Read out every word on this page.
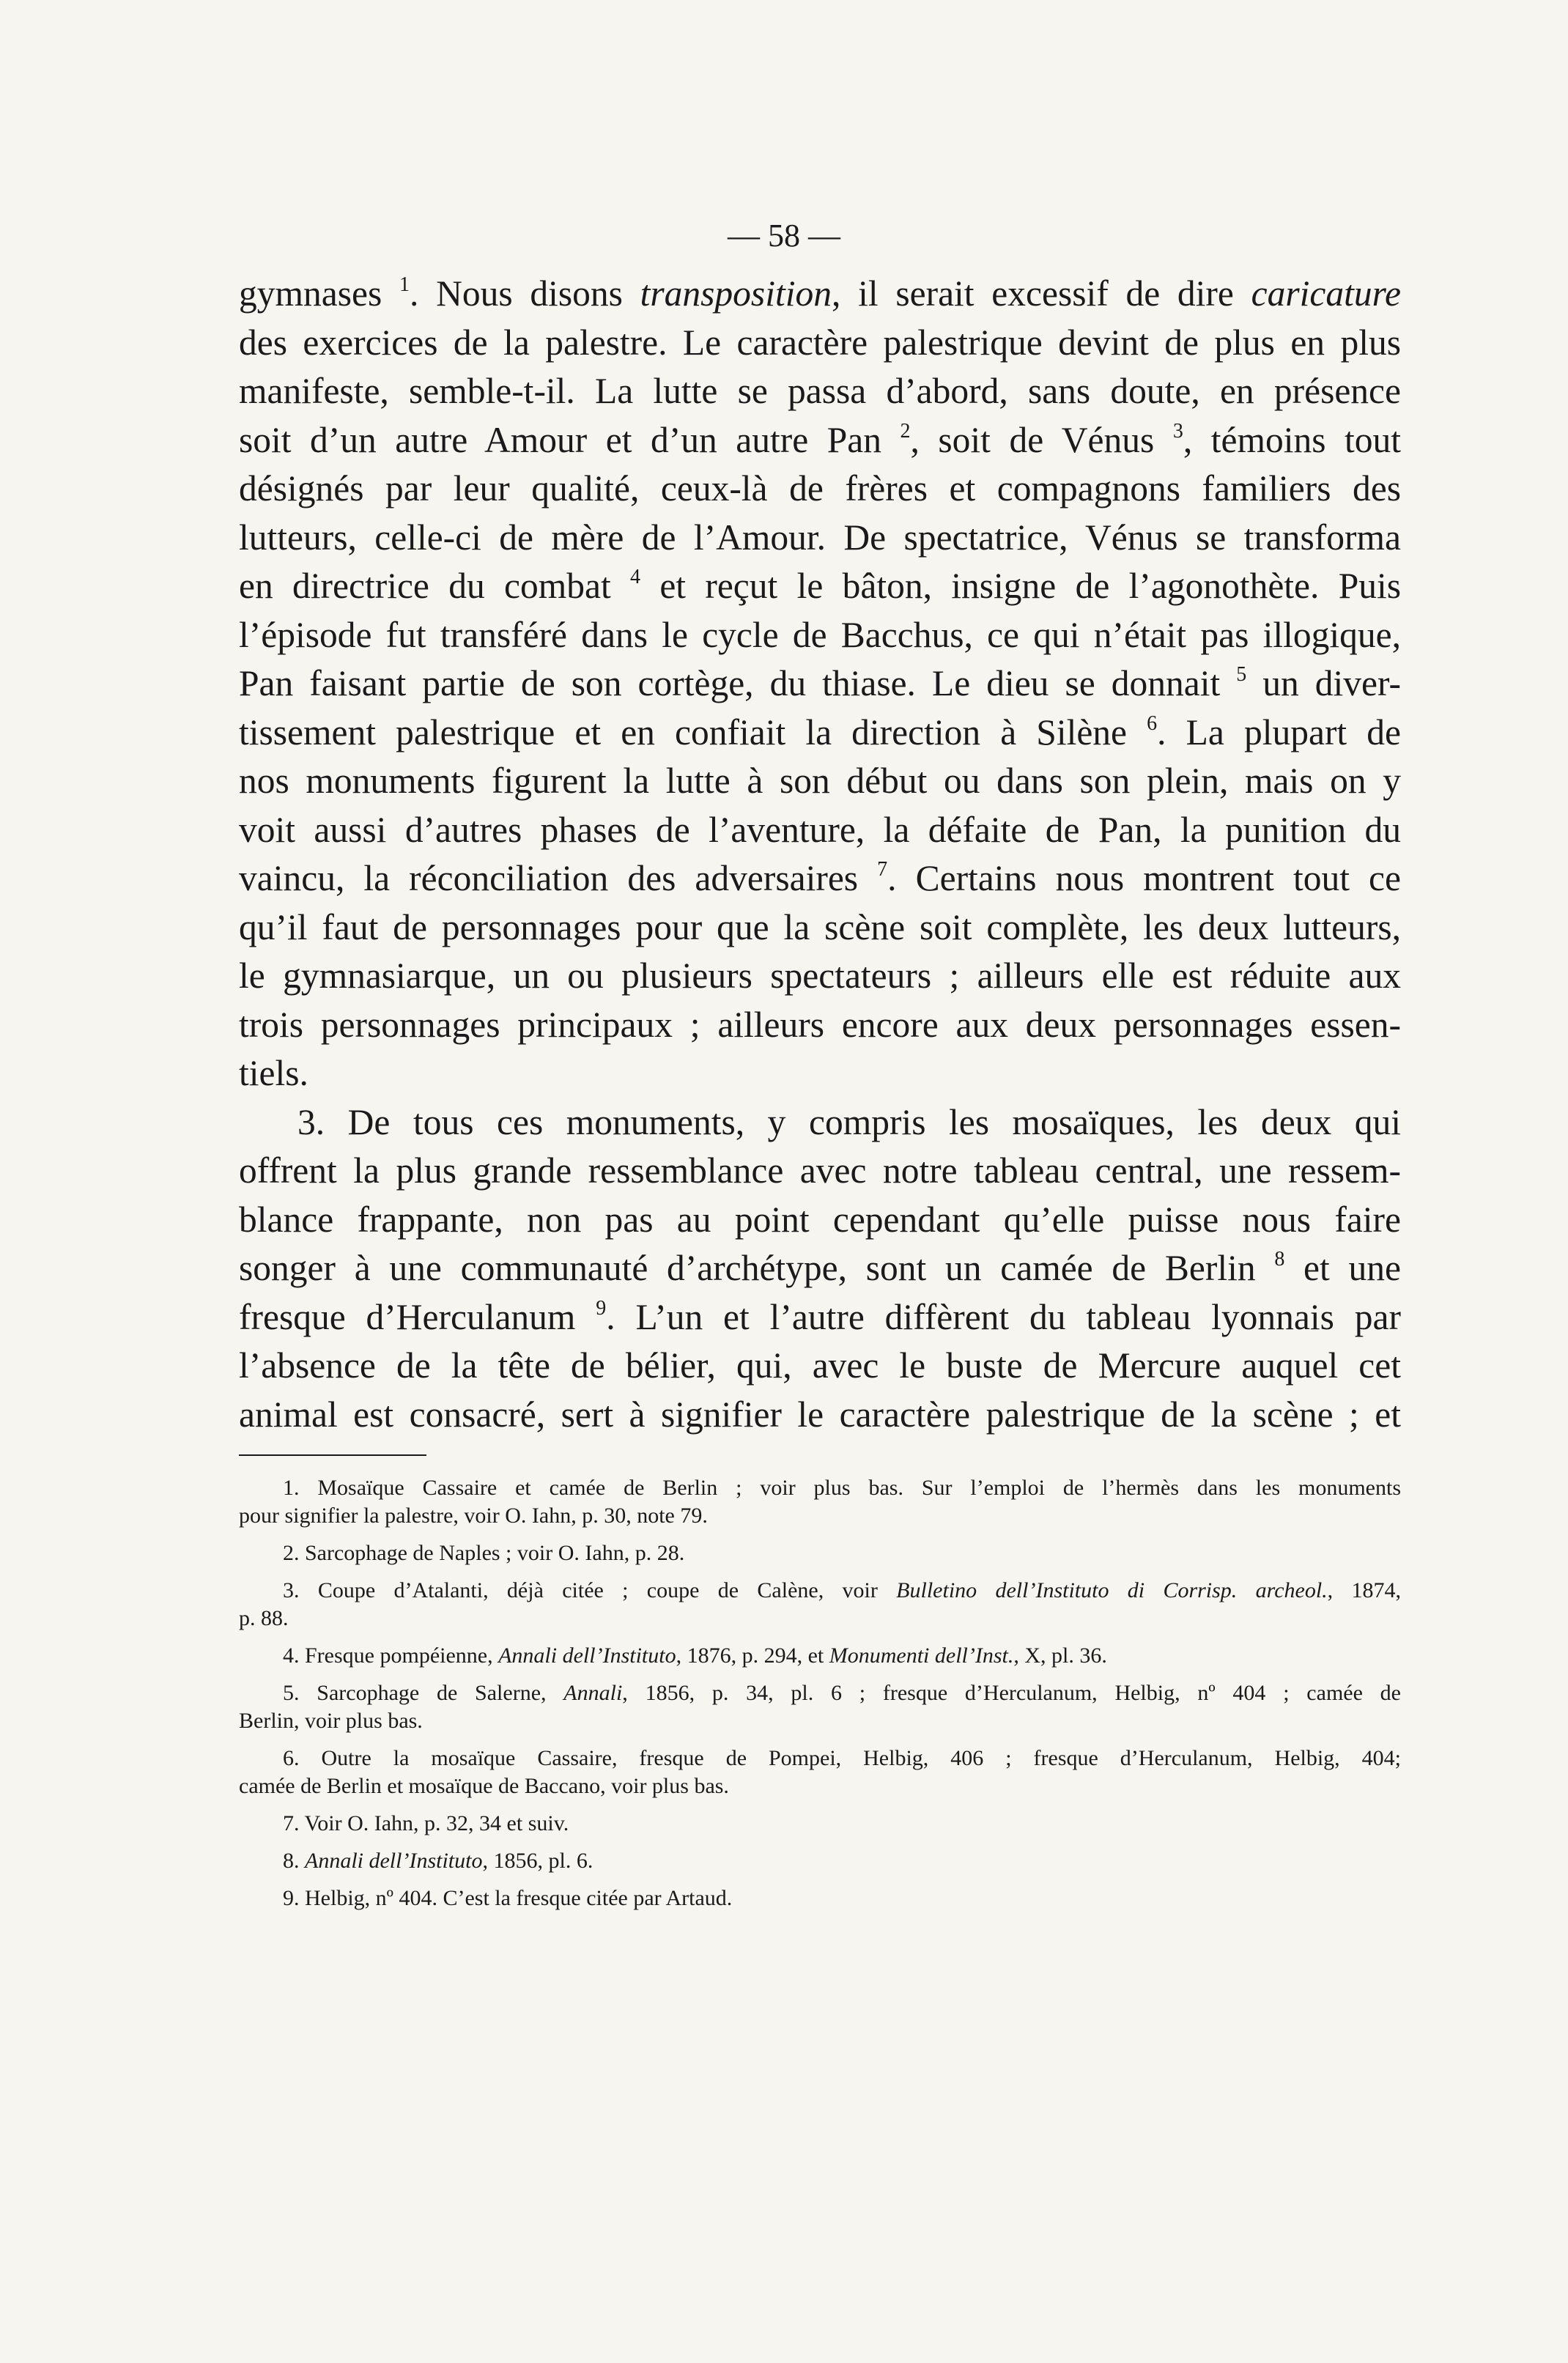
— 58 —
gymnases $^1$. Nous disons transposition, il serait excessif de dire caricature
des exercices de la palestre. Le caractère palestrique devint de plus en plus
manifeste, semble-t-il. La lutte se passa d’abord, sans doute, en présence
soit d’un autre Amour et d’un autre Pan $^2$, soit de Vénus $^3$, témoins tout
désignés par leur qualité, ceux-là de frères et compagnons familiers des
lutteurs, celle-ci de mère de l’Amour. De spectatrice, Vénus se transforma
en directrice du combat $^4$ et reçut le bâton, insigne de l’agonothète. Puis
l’épisode fut transféré dans le cycle de Bacchus, ce qui n’était pas illogique,
Pan faisant partie de son cortège, du thiase. Le dieu se donnait $^5$ un diver-
tissement palestrique et en confiait la direction à Silène $^6$. La plupart de
nos monuments figurent la lutte à son début ou dans son plein, mais on y
voit aussi d’autres phases de l’aventure, la défaite de Pan, la punition du
vaincu, la réconciliation des adversaires $^7$. Certains nous montrent tout ce
qu’il faut de personnages pour que la scène soit complète, les deux lutteurs,
le gymnasiarque, un ou plusieurs spectateurs ; ailleurs elle est réduite aux
trois personnages principaux ; ailleurs encore aux deux personnages essen-
tiels.
3. De tous ces monuments, y compris les mosaïques, les deux qui
offrent la plus grande ressemblance avec notre tableau central, une ressem-
blance frappante, non pas au point cependant qu’elle puisse nous faire
songer à une communauté d’archétype, sont un camée de Berlin $^8$ et une
fresque d’Herculanum $^9$. L’un et l’autre diffèrent du tableau lyonnais par
l’absence de la tête de bélier, qui, avec le buste de Mercure auquel cet
animal est consacré, sert à signifier le caractère palestrique de la scène ; et
1. Mosaïque Cassaire et camée de Berlin ; voir plus bas. Sur l’emploi de l’hermès dans les monuments
pour signifier la palestre, voir O. Iahn, p. 30, note 79.
2. Sarcophage de Naples ; voir O. Iahn, p. 28.
3. Coupe d’Atalanti, déjà citée ; coupe de Calène, voir Bulletino dell’Instituto di Corrisp. archeol., 1874,
p. 88.
4. Fresque pompéienne, Annali dell’Instituto, 1876, p. 294, et Monumenti dell’Inst., X, pl. 36.
5. Sarcophage de Salerne, Annali, 1856, p. 34, pl. 6 ; fresque d’Herculanum, Helbig, nº 404 ; camée de
Berlin, voir plus bas.
6. Outre la mosaïque Cassaire, fresque de Pompei, Helbig, 406 ; fresque d’Herculanum, Helbig, 404;
camée de Berlin et mosaïque de Baccano, voir plus bas.
7. Voir O. Iahn, p. 32, 34 et suiv.
8. Annali dell’Instituto, 1856, pl. 6.
9. Helbig, nº 404. C’est la fresque citée par Artaud.
